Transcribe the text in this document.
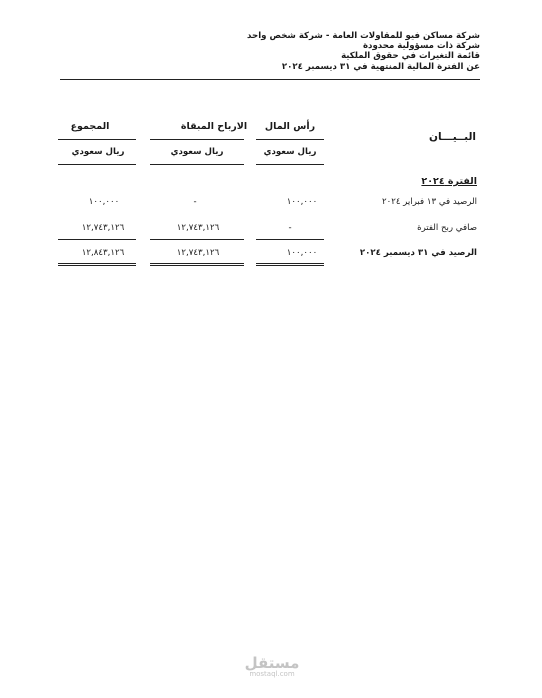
شركة مساكن فيو للمقاولات العامة - شركة شخص واحد
شركة ذات مسؤولية محدودة
قائمة التغيرات في حقوق الملكية
عن الفترة المالية المنتهية في ٣١ ديسمبر ٢٠٢٤
البــيـــان
رأس المال
الارباح المبقاة
المجموع
ريال سعودي
ريال سعودي
ريال سعودي
الفترة ٢٠٢٤
الرصيد في ١٣ فبراير ٢٠٢٤
١٠٠,٠٠٠
-
١٠٠,٠٠٠
صافي ربح الفترة
-
١٢,٧٤٣,١٢٦
١٢,٧٤٣,١٢٦
الرصيد في ٣١ ديسمبر ٢٠٢٤
١٠٠,٠٠٠
١٢,٧٤٣,١٢٦
١٢,٨٤٣,١٢٦
مستقل
mostaql.com
